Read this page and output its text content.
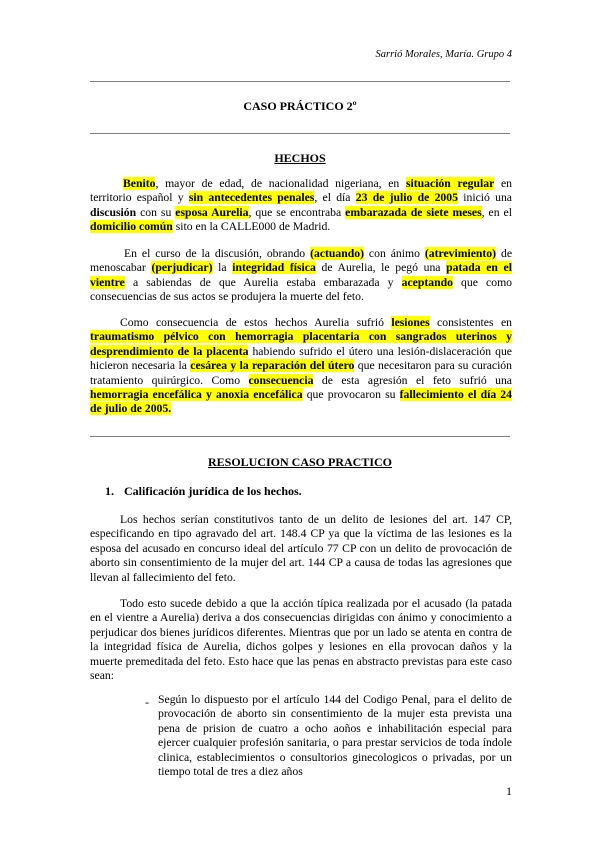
Sarrió Morales, María. Grupo 4
CASO PRÁCTICO 2º
HECHOS
Benito, mayor de edad, de nacionalidad nigeriana, en situación regular en territorio español y sin antecedentes penales, el día 23 de julio de 2005 inició una discusión con su esposa Aurelia, que se encontraba embarazada de siete meses, en el domicilio común sito en la CALLE000 de Madrid.
En el curso de la discusión, obrando (actuando) con ánimo (atrevimiento) de menoscabar (perjudicar) la integridad física de Aurelia, le pegó una patada en el vientre a sabiendas de que Aurelia estaba embarazada y aceptando que como consecuencias de sus actos se produjera la muerte del feto.
Como consecuencia de estos hechos Aurelia sufrió lesiones consistentes en traumatismo pélvico con hemorragia placentaria con sangrados uterinos y desprendimiento de la placenta habiendo sufrido el útero una lesión-dislaceración que hicieron necesaria la cesárea y la reparación del útero que necesitaron para su curación tratamiento quirúrgico. Como consecuencia de esta agresión el feto sufrió una hemorragia encefálica y anoxia encefálica que provocaron su fallecimiento el día 24 de julio de 2005.
RESOLUCION CASO PRACTICO
1. Calificación jurídica de los hechos.

Los hechos serían constitutivos tanto de un delito de lesiones del art. 147 CP, especificando en tipo agravado del art. 148.4 CP ya que la víctima de las lesiones es la esposa del acusado en concurso ideal del artículo 77 CP con un delito de provocación de aborto sin consentimiento de la mujer del art. 144 CP a causa de todas las agresiones que llevan al fallecimiento del feto.

Todo esto sucede debido a que la acción típica realizada por el acusado (la patada en el vientre a Aurelia) deriva a dos consecuencias dirigidas con ánimo y conocimiento a perjudicar dos bienes jurídicos diferentes. Mientras que por un lado se atenta en contra de la integridad física de Aurelia, dichos golpes y lesiones en ella provocan daños y la muerte premeditada del feto. Esto hace que las penas en abstracto previstas para este caso sean:

- Según lo dispuesto por el artículo 144 del Codigo Penal, para el delito de provocación de aborto sin consentimiento de la mujer esta prevista una pena de prision de cuatro a ocho aoños e inhabilitación especial para ejercer cualquier profesión sanitaria, o para prestar servicios de toda índole clinica, establecimientos o consultorios ginecologicos o privadas, por un tiempo total de tres a diez años

1
